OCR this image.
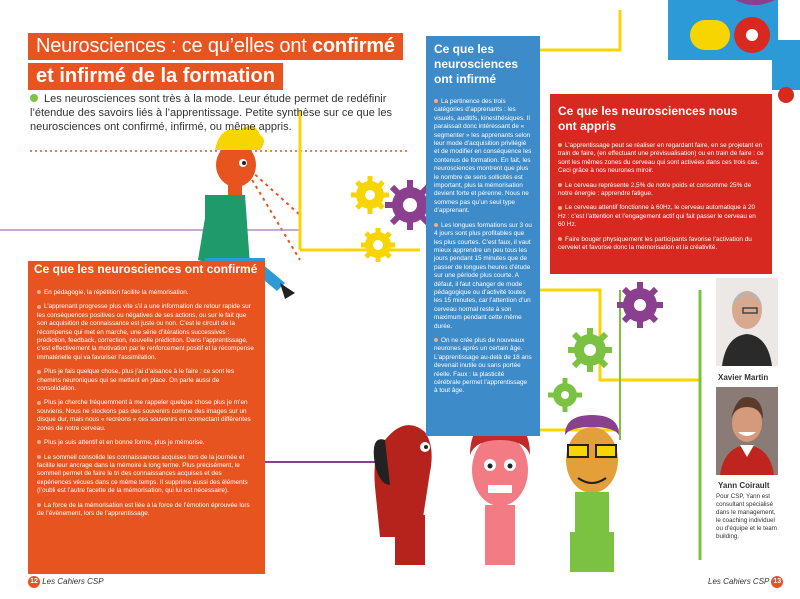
Neurosciences : ce qu’elles ont confirmé
et infirmé de la formation
Les neurosciences sont très à la mode. Leur étude permet de redéfinir l’étendue des savoirs liés à l’apprentissage. Petite synthèse sur ce que les neurosciences ont confirmé, infirmé, ou même appris.
Ce que les neurosciences ont confirmé

En pédagogie, la répétition facilite la mémorisation.

L’apprenant progresse plus vite s’il a une information de retour rapide sur les conséquences positives ou négatives de ses actions, ou sur le fait que son acquisition de connaissance est juste ou non. C’est le circuit de la récompense qui met en marche, une série d’itérations successives : prédiction, feedback, correction, nouvelle prédiction. Dans l’apprentissage, c’est effectivement la motivation par le renforcement positif et la récompense immatérielle qui va favoriser l’assimilation.

Plus je fais quelque chose, plus j’ai d’aisance à le faire : ce sont les chemins neuroniques qui se mettent en place. On parle aussi de consolidation.

Plus je cherche fréquemment à me rappeler quelque chose plus je m’en souviens. Nous ne stockons pas des souvenirs comme des images sur un disque dur, mais nous « recréons » ces souvenirs en connectant différentes zones de notre cerveau.

Plus je suis attentif et en bonne forme, plus je mémorise.

Le sommeil consolide les connaissances acquises lors de la journée et facilite leur ancrage dans la mémoire à long terme. Plus précisément, le sommeil permet de faire le tri des connaissances acquises et des expériences vécues dans ce même temps. Il supprime aussi des éléments (l’oubli est l’autre facette de la mémorisation, qui lui est nécessaire).

La force de la mémorisation est liée à la force de l’émotion éprouvée lors de l’évènement, lors de l’apprentissage.

Ce que les neurosciences ont infirmé

La pertinence des trois catégories d’apprenants : les visuels, auditifs, kinesthésiques. Il paraissait donc intéressant de « segmenter » les apprenants selon leur mode d’acquisition privilégié et de modifier en conséquence les contenus de formation. En fait, les neurosciences montrent que plus le nombre de sens sollicités est important, plus la mémorisation devient forte et pérenne. Nous ne sommes pas qu’un seul type d’apprenant.

Les longues formations sur 3 ou 4 jours sont plus profitables que les plus courtes. C’est faux, il vaut mieux apprendre un peu tous les jours pendant 15 minutes que de passer de longues heures d’étude sur une période plus courte. A défaut, il faut changer de mode pédagogique ou d’activité toutes les 15 minutes, car l’attention d’un cerveau normal reste à son maximum pendant cette même durée.

On ne crée plus de nouveaux neurones après un certain âge. L’apprentissage au-delà de 18 ans devenait inutile ou sans portée réelle. Faux : la plasticité cérébrale permet l’apprentissage à tout âge.

Ce que les neurosciences nous ont appris

L’apprentissage peut se réaliser en regardant faire, en se projetant en train de faire, (en effectuant une prévisualisation) ou en train de faire : ce sont les mêmes zones du cerveau qui sont activées dans ces trois cas. Ceci grâce à nos neurones miroir.

Le cerveau représente 2,5% de notre poids et consomme 25% de notre énergie : apprendre fatigue.

Le cerveau attentif fonctionne à 60Hz, le cerveau automatique à 20 Hz : c’est l’attention et l’engagement actif qui fait passer le cerveau en 60 Hz.

Faire bouger physiquement les participants favorise l’activation du cervelet et favorise donc la mémorisation et la créativité.

Xavier Martin
Yann Coirault
Pour CSP, Yann est consultant spécialisé dans le management, le coaching individuel ou d’équipe et le team building.
12 Les Cahiers CSP	Les Cahiers CSP 13
